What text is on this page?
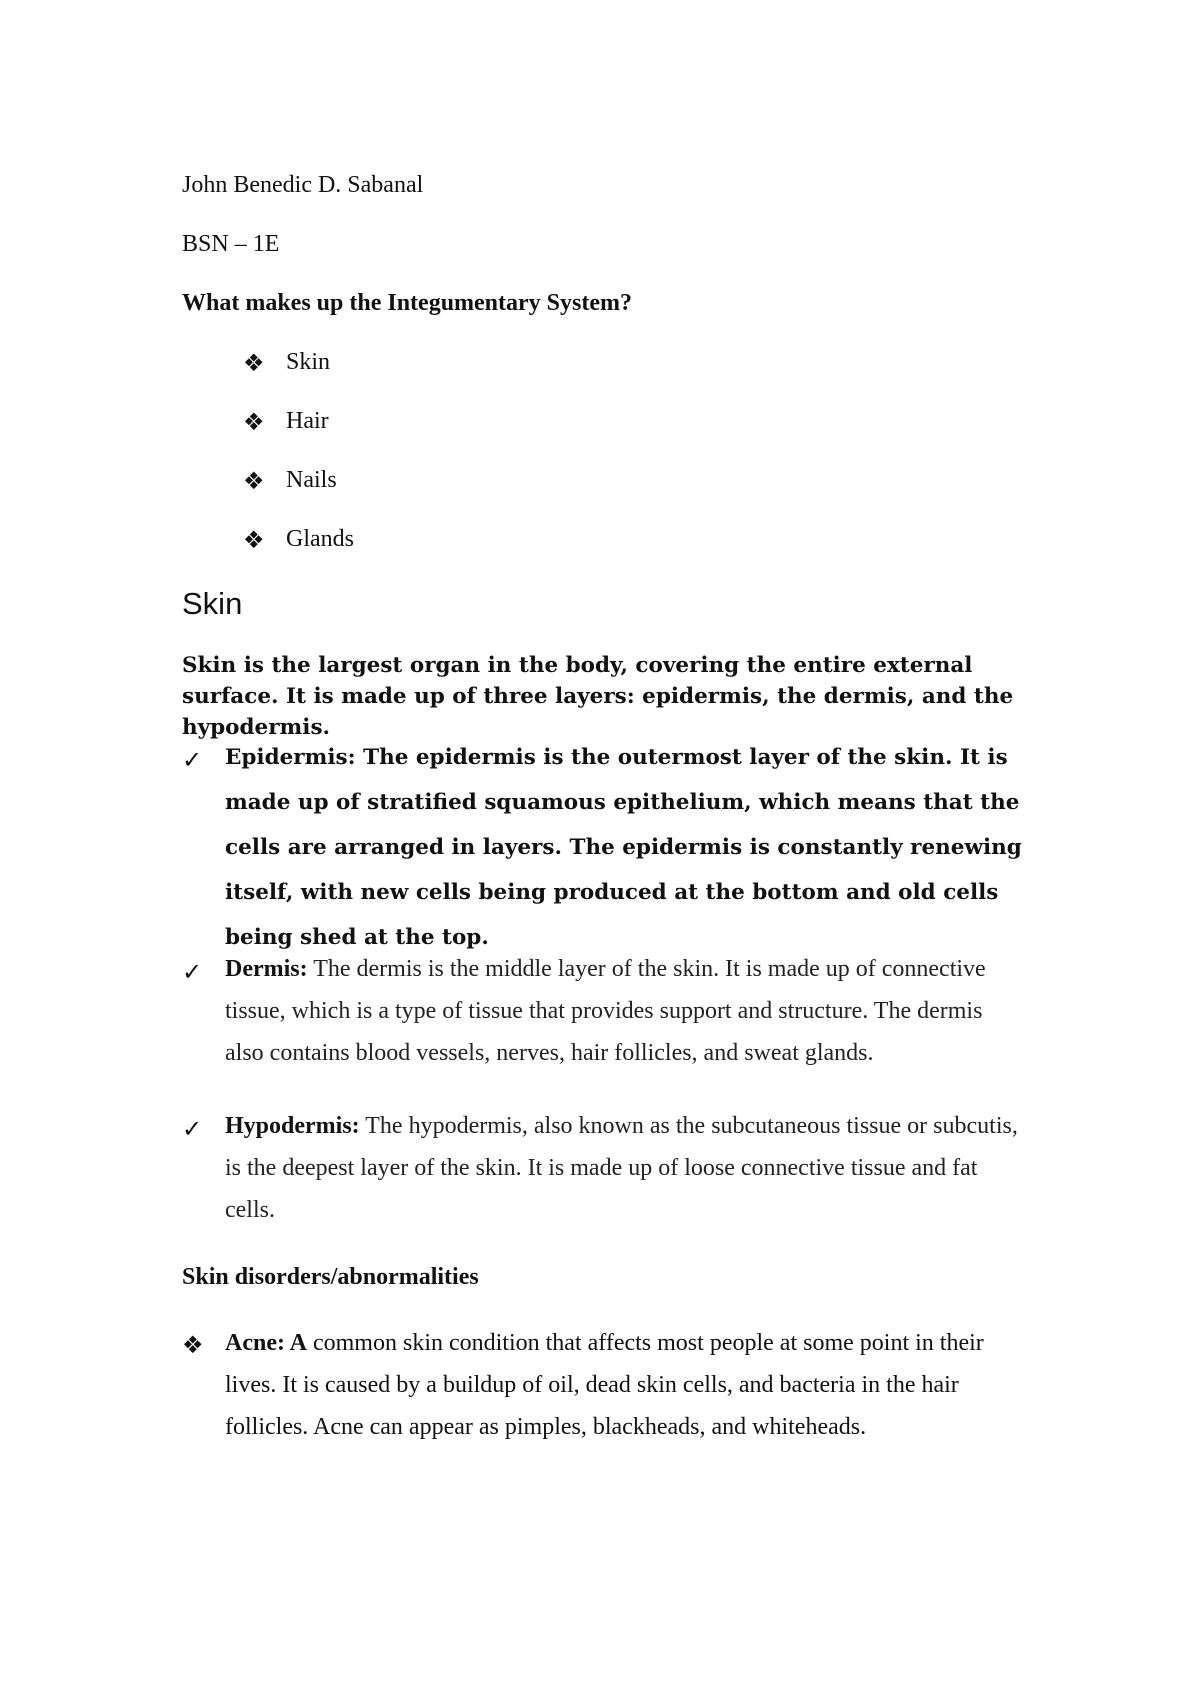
John Benedic D. Sabanal
BSN – 1E
What makes up the Integumentary System?
❖ Skin
❖ Hair
❖ Nails
❖ Glands
Skin
Skin is the largest organ in the body, covering the entire external surface. It is made up of three layers: epidermis, the dermis, and the hypodermis.
✓ Epidermis: The epidermis is the outermost layer of the skin. It is made up of stratified squamous epithelium, which means that the cells are arranged in layers. The epidermis is constantly renewing itself, with new cells being produced at the bottom and old cells being shed at the top.
✓ Dermis: The dermis is the middle layer of the skin. It is made up of connective tissue, which is a type of tissue that provides support and structure. The dermis also contains blood vessels, nerves, hair follicles, and sweat glands.
✓ Hypodermis: The hypodermis, also known as the subcutaneous tissue or subcutis, is the deepest layer of the skin. It is made up of loose connective tissue and fat cells.
Skin disorders/abnormalities
❖ Acne: A common skin condition that affects most people at some point in their lives. It is caused by a buildup of oil, dead skin cells, and bacteria in the hair follicles. Acne can appear as pimples, blackheads, and whiteheads.
